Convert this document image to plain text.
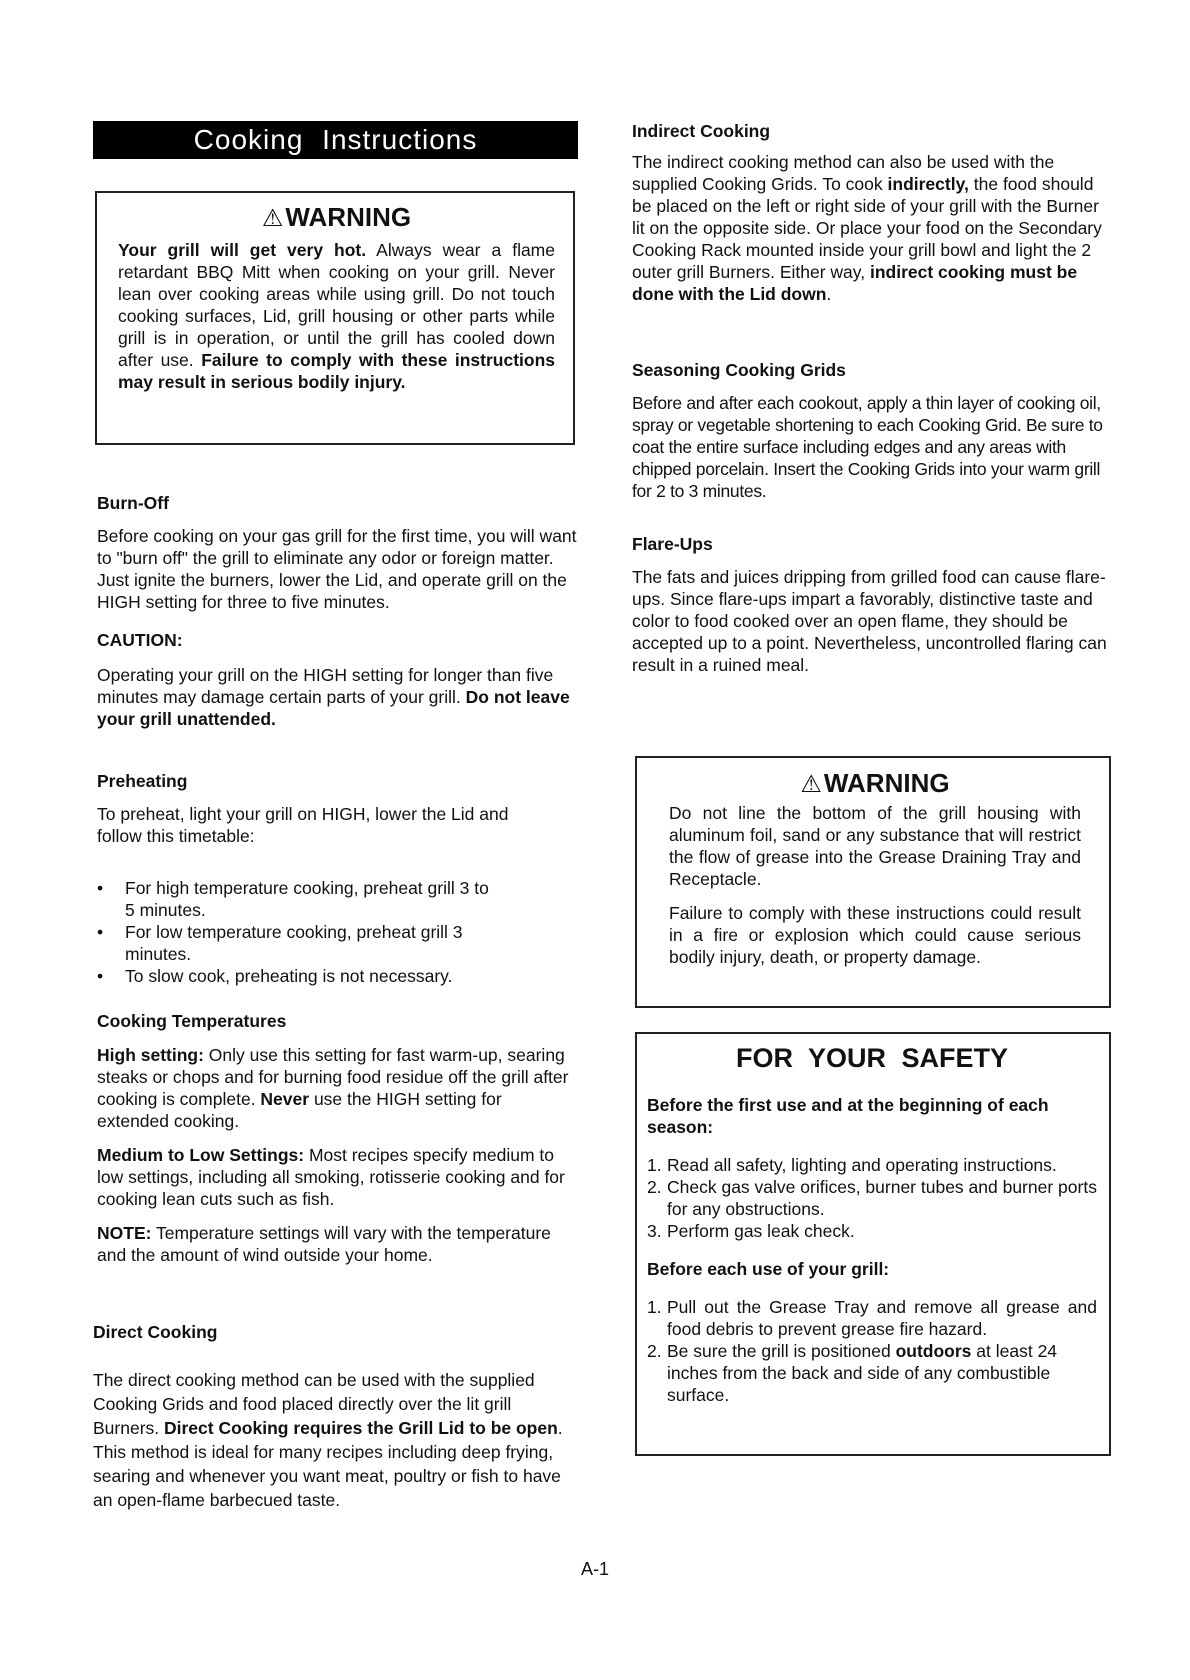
Cooking Instructions
⚠WARNING

Your grill will get very hot. Always wear a flame retardant BBQ Mitt when cooking on your grill. Never lean over cooking areas while using grill. Do not touch cooking surfaces, Lid, grill housing or other parts while grill is in operation, or until the grill has cooled down after use. Failure to comply with these instructions may result in serious bodily injury.

Burn-Off

Before cooking on your gas grill for the first time, you will want to "burn off" the grill to eliminate any odor or foreign matter. Just ignite the burners, lower the Lid, and operate grill on the HIGH setting for three to five minutes.

CAUTION:

Operating your grill on the HIGH setting for longer than five minutes may damage certain parts of your grill. Do not leave your grill unattended.

Preheating

To preheat, light your grill on HIGH, lower the Lid and follow this timetable:

• For high temperature cooking, preheat grill 3 to 5 minutes.
• For low temperature cooking, preheat grill 3 minutes.
• To slow cook, preheating is not necessary.

Cooking Temperatures

High setting: Only use this setting for fast warm-up, searing steaks or chops and for burning food residue off the grill after cooking is complete. Never use the HIGH setting for extended cooking.

Medium to Low Settings: Most recipes specify medium to low settings, including all smoking, rotisserie cooking and for cooking lean cuts such as fish.

NOTE: Temperature settings will vary with the temperature and the amount of wind outside your home.

Direct Cooking

The direct cooking method can be used with the supplied Cooking Grids and food placed directly over the lit grill Burners. Direct Cooking requires the Grill Lid to be open. This method is ideal for many recipes including deep frying, searing and whenever you want meat, poultry or fish to have an open-flame barbecued taste.

Indirect Cooking

The indirect cooking method can also be used with the supplied Cooking Grids. To cook indirectly, the food should be placed on the left or right side of your grill with the Burner lit on the opposite side. Or place your food on the Secondary Cooking Rack mounted inside your grill bowl and light the 2 outer grill Burners. Either way, indirect cooking must be done with the Lid down.

Seasoning Cooking Grids

Before and after each cookout, apply a thin layer of cooking oil, spray or vegetable shortening to each Cooking Grid. Be sure to coat the entire surface including edges and any areas with chipped porcelain. Insert the Cooking Grids into your warm grill for 2 to 3 minutes.

Flare-Ups

The fats and juices dripping from grilled food can cause flare-ups. Since flare-ups impart a favorably, distinctive taste and color to food cooked over an open flame, they should be accepted up to a point. Nevertheless, uncontrolled flaring can result in a ruined meal.

⚠WARNING

Do not line the bottom of the grill housing with aluminum foil, sand or any substance that will restrict the flow of grease into the Grease Draining Tray and Receptacle.

Failure to comply with these instructions could result in a fire or explosion which could cause serious bodily injury, death, or property damage.

FOR YOUR SAFETY

Before the first use and at the beginning of each season:

1. Read all safety, lighting and operating instructions.
2. Check gas valve orifices, burner tubes and burner ports for any obstructions.
3. Perform gas leak check.

Before each use of your grill:

1. Pull out the Grease Tray and remove all grease and food debris to prevent grease fire hazard.
2. Be sure the grill is positioned outdoors at least 24 inches from the back and side of any combustible surface.
A-1
